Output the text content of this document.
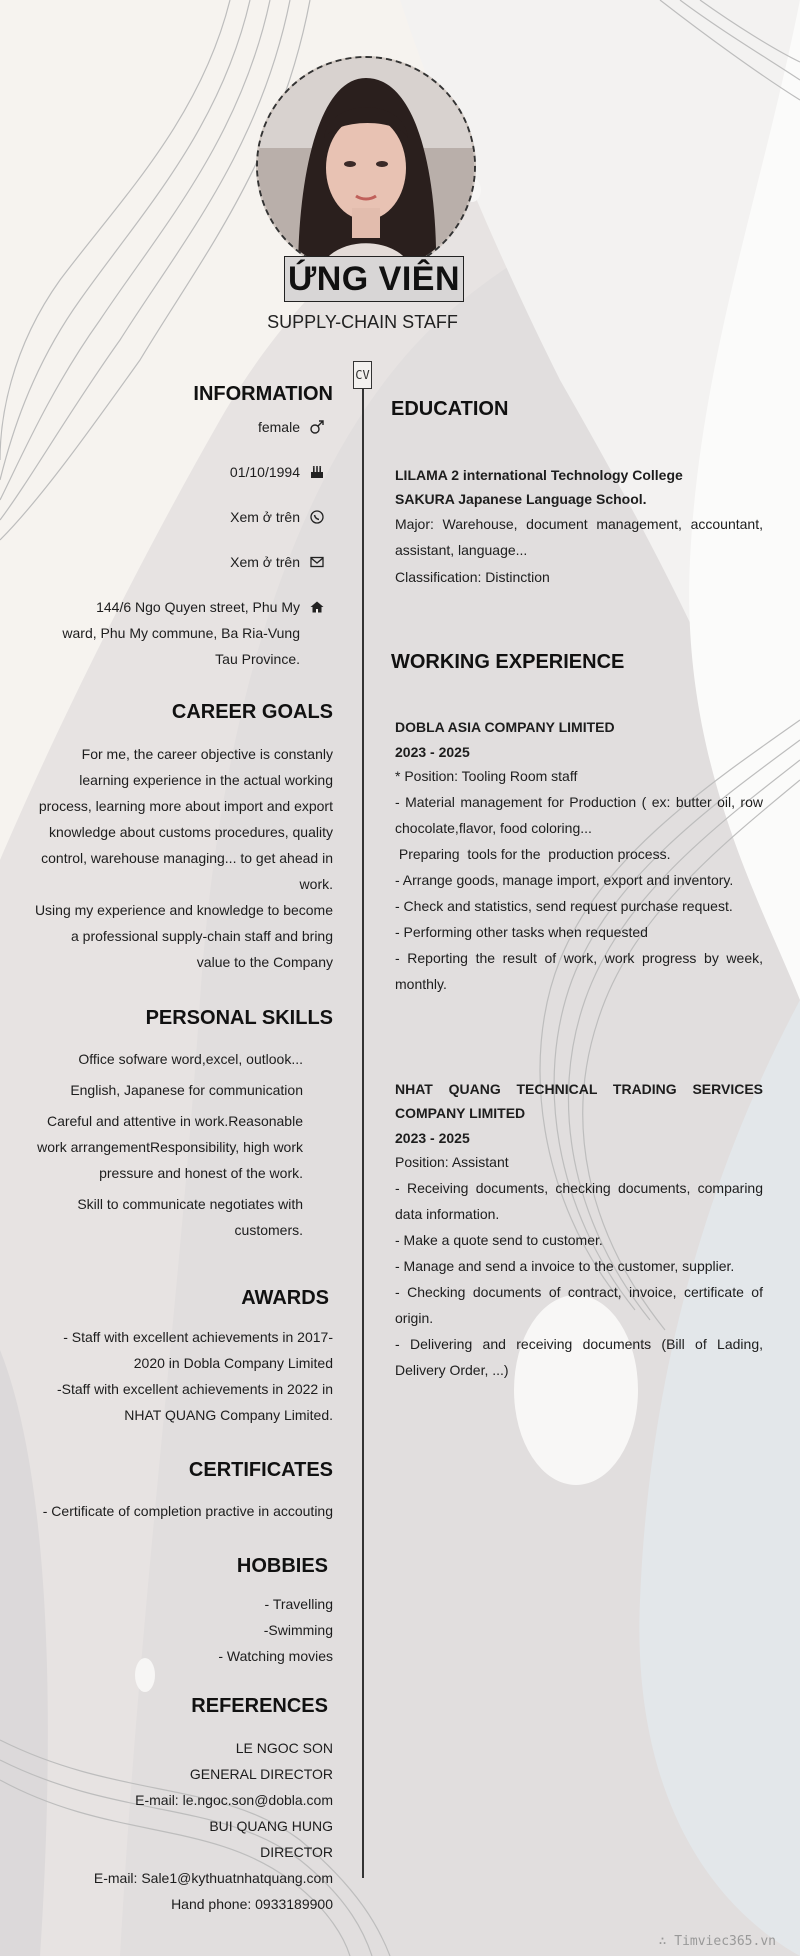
ỨNG VIÊN
SUPPLY-CHAIN STAFF
CV
INFORMATION
female
01/10/1994
Xem ở trên
Xem ở trên
144/6 Ngo Quyen street, Phu My
ward, Phu My commune, Ba Ria-Vung
Tau Province.
CAREER GOALS
For me, the career objective is constanly
learning experience in the actual working
process, learning more about import and export
knowledge about customs procedures, quality
control, warehouse managing... to get ahead in
work.
Using my experience and knowledge to become
a professional supply-chain staff and bring
value to the Company
PERSONAL SKILLS
Office sofware word,excel, outlook...
English, Japanese for communication
Careful and attentive in work.Reasonable
work arrangementResponsibility, high work
pressure and honest of the work.
Skill to communicate negotiates with
customers.
AWARDS
- Staff with excellent achievements in 2017-
2020 in Dobla Company Limited
-Staff with excellent achievements in 2022 in
NHAT QUANG Company Limited.
CERTIFICATES
- Certificate of completion practive in accouting
HOBBIES
- Travelling
-Swimming
- Watching movies
REFERENCES
LE NGOC SON
GENERAL DIRECTOR
E-mail: le.ngoc.son@dobla.com
BUI QUANG HUNG
DIRECTOR
E-mail: Sale1@kythuatnhatquang.com
Hand phone: 0933189900
EDUCATION
LILAMA 2 international Technology College
SAKURA Japanese Language School.
Major: Warehouse, document management, accountant,
assistant, language...
Classification: Distinction
WORKING EXPERIENCE
DOBLA ASIA COMPANY LIMITED
2023 - 2025
* Position: Tooling Room staff
- Material management for Production ( ex: butter oil, row
chocolate,flavor, food coloring...
Preparing  tools for the  production process.
- Arrange goods, manage import, export and inventory.
- Check and statistics, send request purchase request.
- Performing other tasks when requested
- Reporting the result of work, work progress by week,
monthly.
NHAT QUANG TECHNICAL TRADING SERVICES
COMPANY LIMITED
2023 - 2025
Position: Assistant
- Receiving documents, checking documents, comparing
data information.
- Make a quote send to customer.
- Manage and send a invoice to the customer, supplier.
- Checking documents of contract, invoice, certificate of
origin.
- Delivering and receiving documents (Bill of Lading,
Delivery Order, ...)
∴ Timviec365.vn
